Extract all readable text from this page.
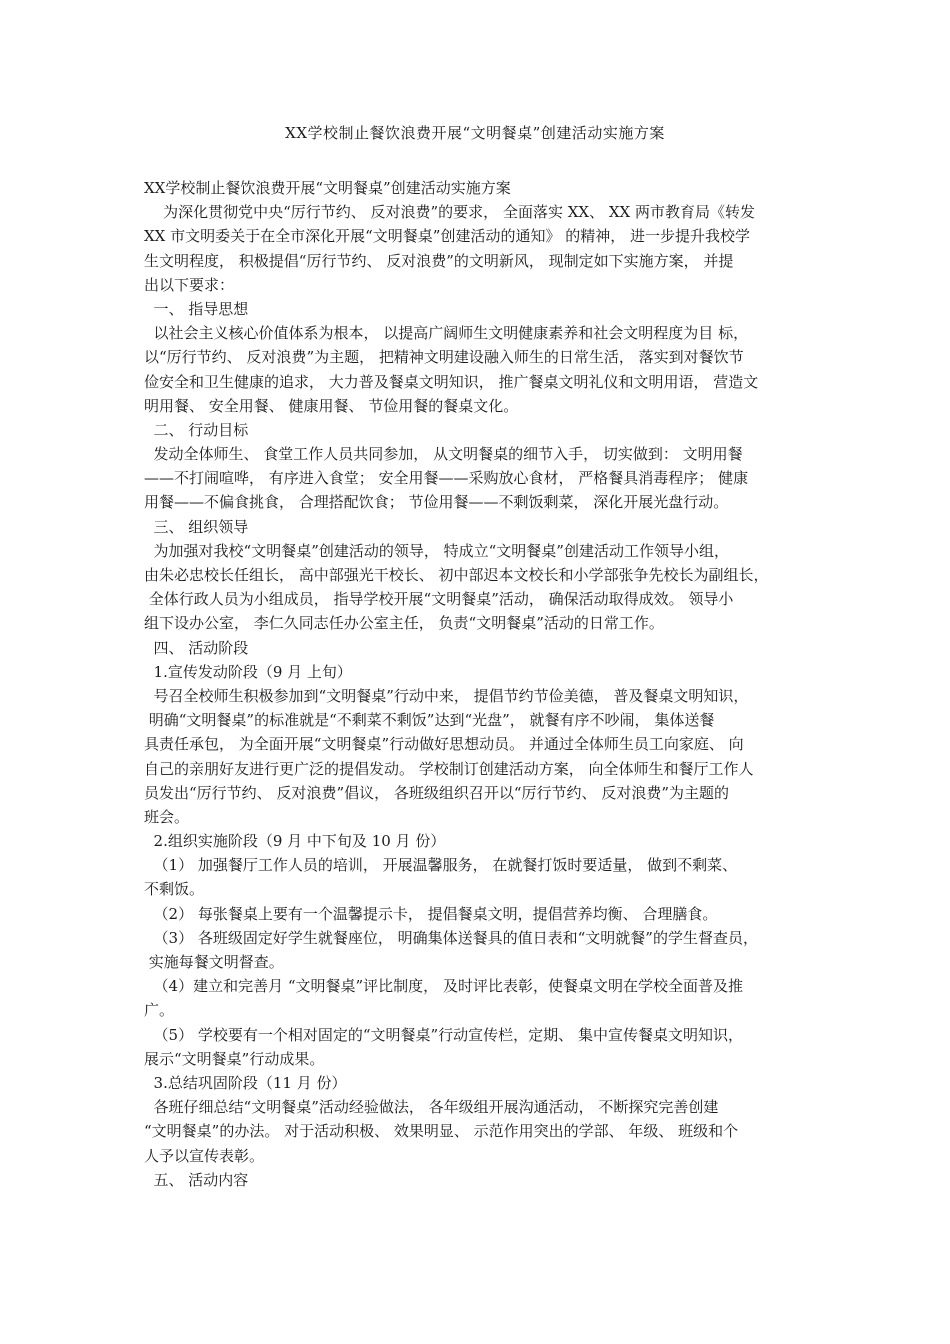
XX学校制止餐饮浪费开展“文明餐桌”创建活动实施方案
XX学校制止餐饮浪费开展“文明餐桌”创建活动实施方案
为深化贯彻党中央“厉行节约、 反对浪费”的要求， 全面落实 XX、 XX 两市教育局《转发
XX 市文明委关于在全市深化开展“文明餐桌”创建活动的通知》 的精神， 进一步提升我校学
生文明程度， 积极提倡“厉行节约、 反对浪费”的文明新风， 现制定如下实施方案， 并提
出以下要求：
一、 指导思想
以社会主义核心价值体系为根本， 以提高广阔师生文明健康素养和社会文明程度为目 标，
以“厉行节约、 反对浪费”为主题， 把精神文明建设融入师生的日常生活， 落实到对餐饮节
俭安全和卫生健康的追求， 大力普及餐桌文明知识， 推广餐桌文明礼仪和文明用语， 营造文
明用餐、 安全用餐、 健康用餐、 节俭用餐的餐桌文化。
二、 行动目标
发动全体师生、 食堂工作人员共同参加， 从文明餐桌的细节入手， 切实做到： 文明用餐
——不打闹喧哗， 有序进入食堂； 安全用餐——采购放心食材， 严格餐具消毒程序； 健康
用餐——不偏食挑食， 合理搭配饮食； 节俭用餐——不剩饭剩菜， 深化开展光盘行动。
三、 组织领导
为加强对我校“文明餐桌”创建活动的领导， 特成立“文明餐桌”创建活动工作领导小组，
由朱必忠校长任组长， 高中部强光干校长、 初中部迟本文校长和小学部张争先校长为副组长，
全体行政人员为小组成员， 指导学校开展“文明餐桌”活动， 确保活动取得成效。 领导小
组下设办公室， 李仁久同志任办公室主任， 负责“文明餐桌”活动的日常工作。
四、 活动阶段
1.宣传发动阶段（9 月 上旬）
号召全校师生积极参加到“文明餐桌”行动中来， 提倡节约节俭美德， 普及餐桌文明知识，
明确“文明餐桌”的标准就是“不剩菜不剩饭”达到“光盘”， 就餐有序不吵闹， 集体送餐
具责任承包， 为全面开展“文明餐桌”行动做好思想动员。 并通过全体师生员工向家庭、 向
自己的亲朋好友进行更广泛的提倡发动。 学校制订创建活动方案， 向全体师生和餐厅工作人
员发出“厉行节约、 反对浪费”倡议， 各班级组织召开以“厉行节约、 反对浪费”为主题的
班会。
2.组织实施阶段（9 月 中下旬及 10 月 份）
（1） 加强餐厅工作人员的培训， 开展温馨服务， 在就餐打饭时要适量， 做到不剩菜、
不剩饭。
（2） 每张餐桌上要有一个温馨提示卡， 提倡餐桌文明，提倡营养均衡、 合理膳食。
（3） 各班级固定好学生就餐座位， 明确集体送餐具的值日表和“文明就餐”的学生督查员，
实施每餐文明督查。
（4）建立和完善月 “文明餐桌”评比制度， 及时评比表彰，使餐桌文明在学校全面普及推
广。
（5） 学校要有一个相对固定的“文明餐桌”行动宣传栏，定期、 集中宣传餐桌文明知识，
展示“文明餐桌”行动成果。
3.总结巩固阶段（11 月 份）
各班仔细总结“文明餐桌”活动经验做法， 各年级组开展沟通活动， 不断探究完善创建
“文明餐桌”的办法。 对于活动积极、 效果明显、 示范作用突出的学部、 年级、 班级和个
人予以宣传表彰。
五、 活动内容
